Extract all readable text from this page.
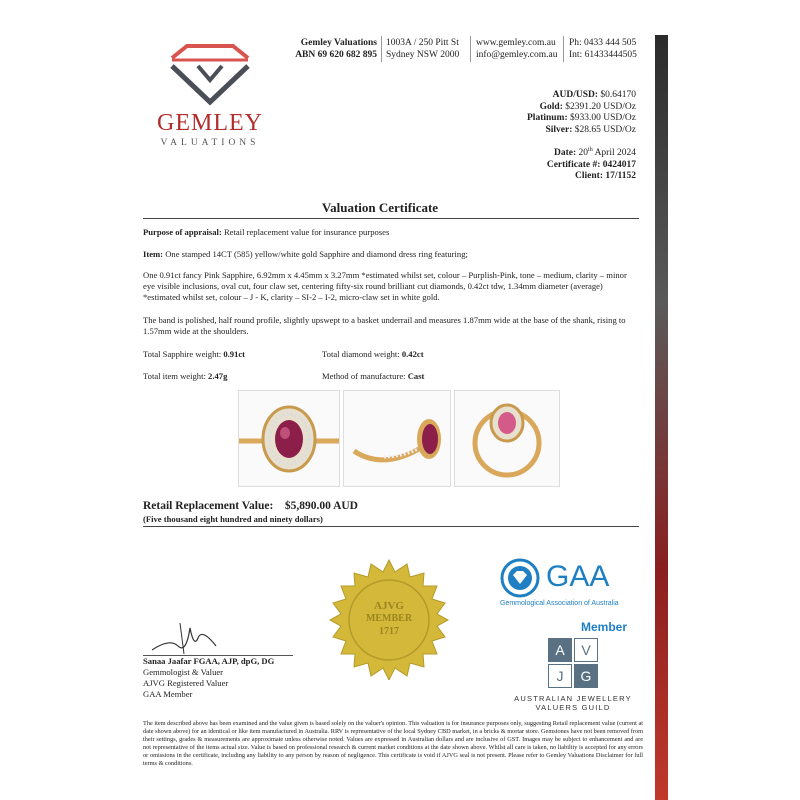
GEMLEY
VALUATIONS
Gemley Valuations
ABN 69 620 682 895
1003A / 250 Pitt St
Sydney NSW 2000
www.gemley.com.au
info@gemley.com.au
Ph: 0433 444 505
Int: 61433444505
AUD/USD: $0.64170
Gold: $2391.20 USD/Oz
Platinum: $933.00 USD/Oz
Silver: $28.65 USD/Oz
Date: 20th April 2024
Certificate #: 0424017
Client: 17/1152
Valuation Certificate
Purpose of appraisal: Retail replacement value for insurance purposes
Item: One stamped 14CT (585) yellow/white gold Sapphire and diamond dress ring featuring;
One 0.91ct fancy Pink Sapphire, 6.92mm x 4.45mm x 3.27mm *estimated whilst set, colour – Purplish-Pink, tone – medium, clarity – minor eye visible inclusions, oval cut, four claw set, centering fifty-six round brilliant cut diamonds, 0.42ct tdw, 1.34mm diameter (average) *estimated whilst set, colour – J - K, clarity – SI-2 – I-2, micro-claw set in white gold.
The band is polished, half round profile, slightly upswept to a basket underrail and measures 1.87mm wide at the base of the shank, rising to 1.57mm wide at the shoulders.
Total Sapphire weight: 0.91ct	Total diamond weight: 0.42ct
Total item weight: 2.47g	Method of manufacture: Cast
Retail Replacement Value: $5,890.00 AUD
(Five thousand eight hundred and ninety dollars)
AJVG
MEMBER
1717
Sanaa Jaafar FGAA, AJP, dpG, DG
Gemmologist & Valuer
AJVG Registered Valuer
GAA Member
GAA
Gemmological Association of Australia
Member
A	V
J	G
AUSTRALIAN JEWELLERY
VALUERS GUILD
The item described above has been examined and the value given is based solely on the valuer's opinion. This valuation is for insurance purposes only, suggesting Retail replacement value (current at date shown above) for an identical or like item manufactured in Australia. RRV is representative of the local Sydney CBD market, in a bricks & mortar store. Gemstones have not been removed from their settings, grades & measurements are approximate unless otherwise noted. Values are expressed in Australian dollars and are inclusive of GST. Images may be subject to enhancement and are not representative of the items actual size. Value is based on professional research & current market conditions at the date shown above. Whilst all care is taken, no liability is accepted for any errors or omissions in the certificate, including any liability to any person by reason of negligence. This certificate is void if AJVG seal is not present. Please refer to Gemley Valuations Disclaimer for full terms & conditions.
